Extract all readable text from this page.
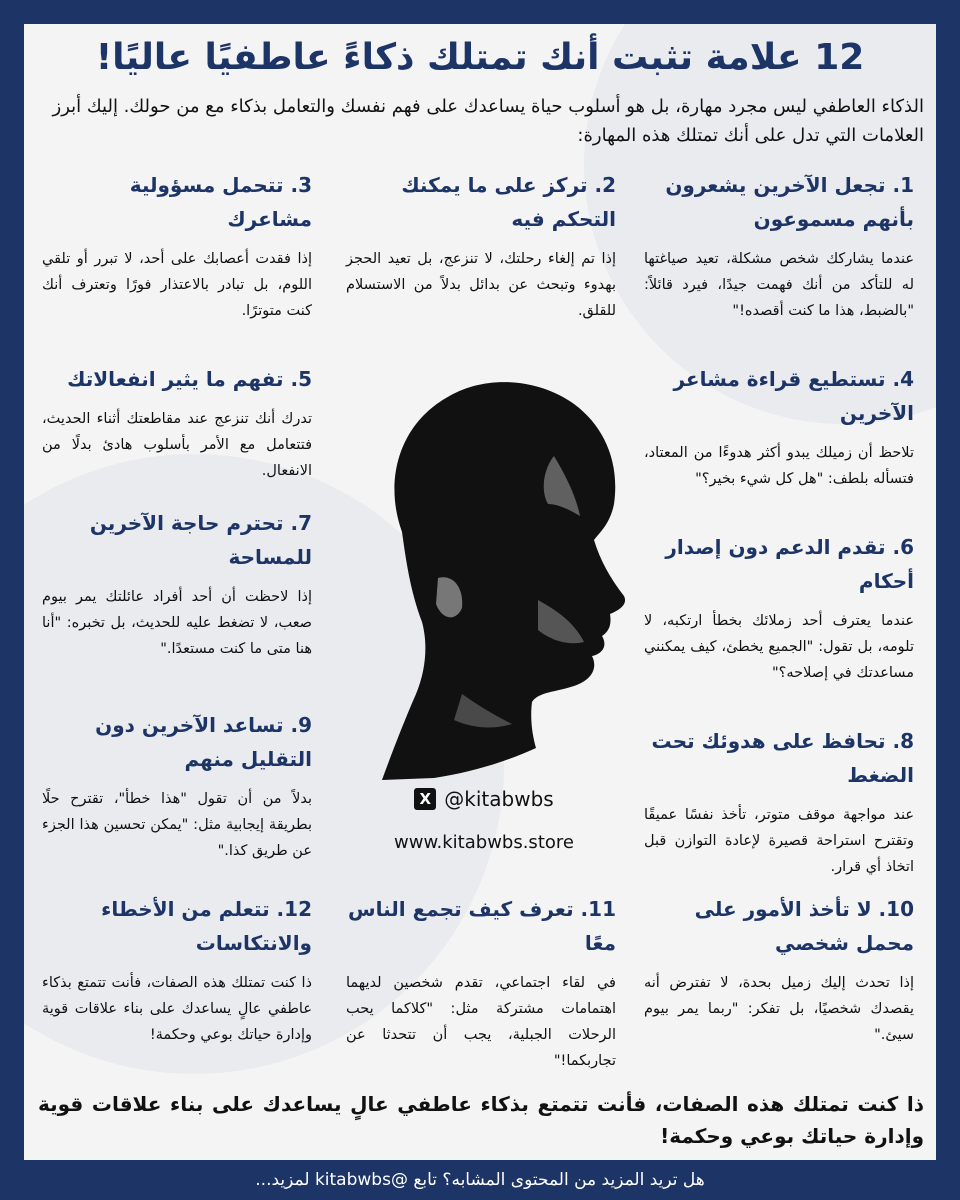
12 علامة تثبت أنك تمتلك ذكاءً عاطفيًا عاليًا!
الذكاء العاطفي ليس مجرد مهارة، بل هو أسلوب حياة يساعدك على فهم نفسك والتعامل بذكاء مع من حولك. إليك أبرز العلامات التي تدل على أنك تمتلك هذه المهارة:
1. تجعل الآخرين يشعرون بأنهم مسموعون

عندما يشاركك شخص مشكلة، تعيد صياغتها له للتأكد من أنك فهمت جيدًا، فيرد قائلاً: "بالضبط، هذا ما كنت أقصده!"

2. تركز على ما يمكنك التحكم فيه

إذا تم إلغاء رحلتك، لا تنزعج، بل تعيد الحجز بهدوء وتبحث عن بدائل بدلاً من الاستسلام للقلق.

3. تتحمل مسؤولية مشاعرك

إذا فقدت أعصابك على أحد، لا تبرر أو تلقي اللوم، بل تبادر بالاعتذار فورًا وتعترف أنك كنت متوترًا.

4. تستطيع قراءة مشاعر الآخرين

تلاحظ أن زميلك يبدو أكثر هدوءًا من المعتاد، فتسأله بلطف: "هل كل شيء بخير؟"

6. تقدم الدعم دون إصدار أحكام

عندما يعترف أحد زملائك بخطأ ارتكبه، لا تلومه، بل تقول: "الجميع يخطئ، كيف يمكنني مساعدتك في إصلاحه؟"

8. تحافظ على هدوئك تحت الضغط

عند مواجهة موقف متوتر، تأخذ نفسًا عميقًا وتقترح استراحة قصيرة لإعادة التوازن قبل اتخاذ أي قرار.

5. تفهم ما يثير انفعالاتك

تدرك أنك تنزعج عند مقاطعتك أثناء الحديث، فتتعامل مع الأمر بأسلوب هادئ بدلًا من الانفعال.

7. تحترم حاجة الآخرين للمساحة

إذا لاحظت أن أحد أفراد عائلتك يمر بيوم صعب، لا تضغط عليه للحديث، بل تخبره: "أنا هنا متى ما كنت مستعدًا."

9. تساعد الآخرين دون التقليل منهم

بدلاً من أن تقول "هذا خطأ"، تقترح حلًا بطريقة إيجابية مثل: "يمكن تحسين هذا الجزء عن طريق كذا."

10. لا تأخذ الأمور على محمل شخصي

إذا تحدث إليك زميل بحدة، لا تفترض أنه يقصدك شخصيًا، بل تفكر: "ربما يمر بيوم سيئ."

11. تعرف كيف تجمع الناس معًا

في لقاء اجتماعي، تقدم شخصين لديهما اهتمامات مشتركة مثل: "كلاكما يحب الرحلات الجبلية، يجب أن تتحدثا عن تجاربكما!"

12. تتعلم من الأخطاء والانتكاسات

ذا كنت تمتلك هذه الصفات، فأنت تتمتع بذكاء عاطفي عالٍ يساعدك على بناء علاقات قوية وإدارة حياتك بوعي وحكمة!

X @kitabwbs
www.kitabwbs.store
ذا كنت تمتلك هذه الصفات، فأنت تتمتع بذكاء عاطفي عالٍ يساعدك على بناء علاقات قوية وإدارة حياتك بوعي وحكمة!
هل تريد المزيد من المحتوى المشابه؟ تابع @kitabwbs لمزيد...
